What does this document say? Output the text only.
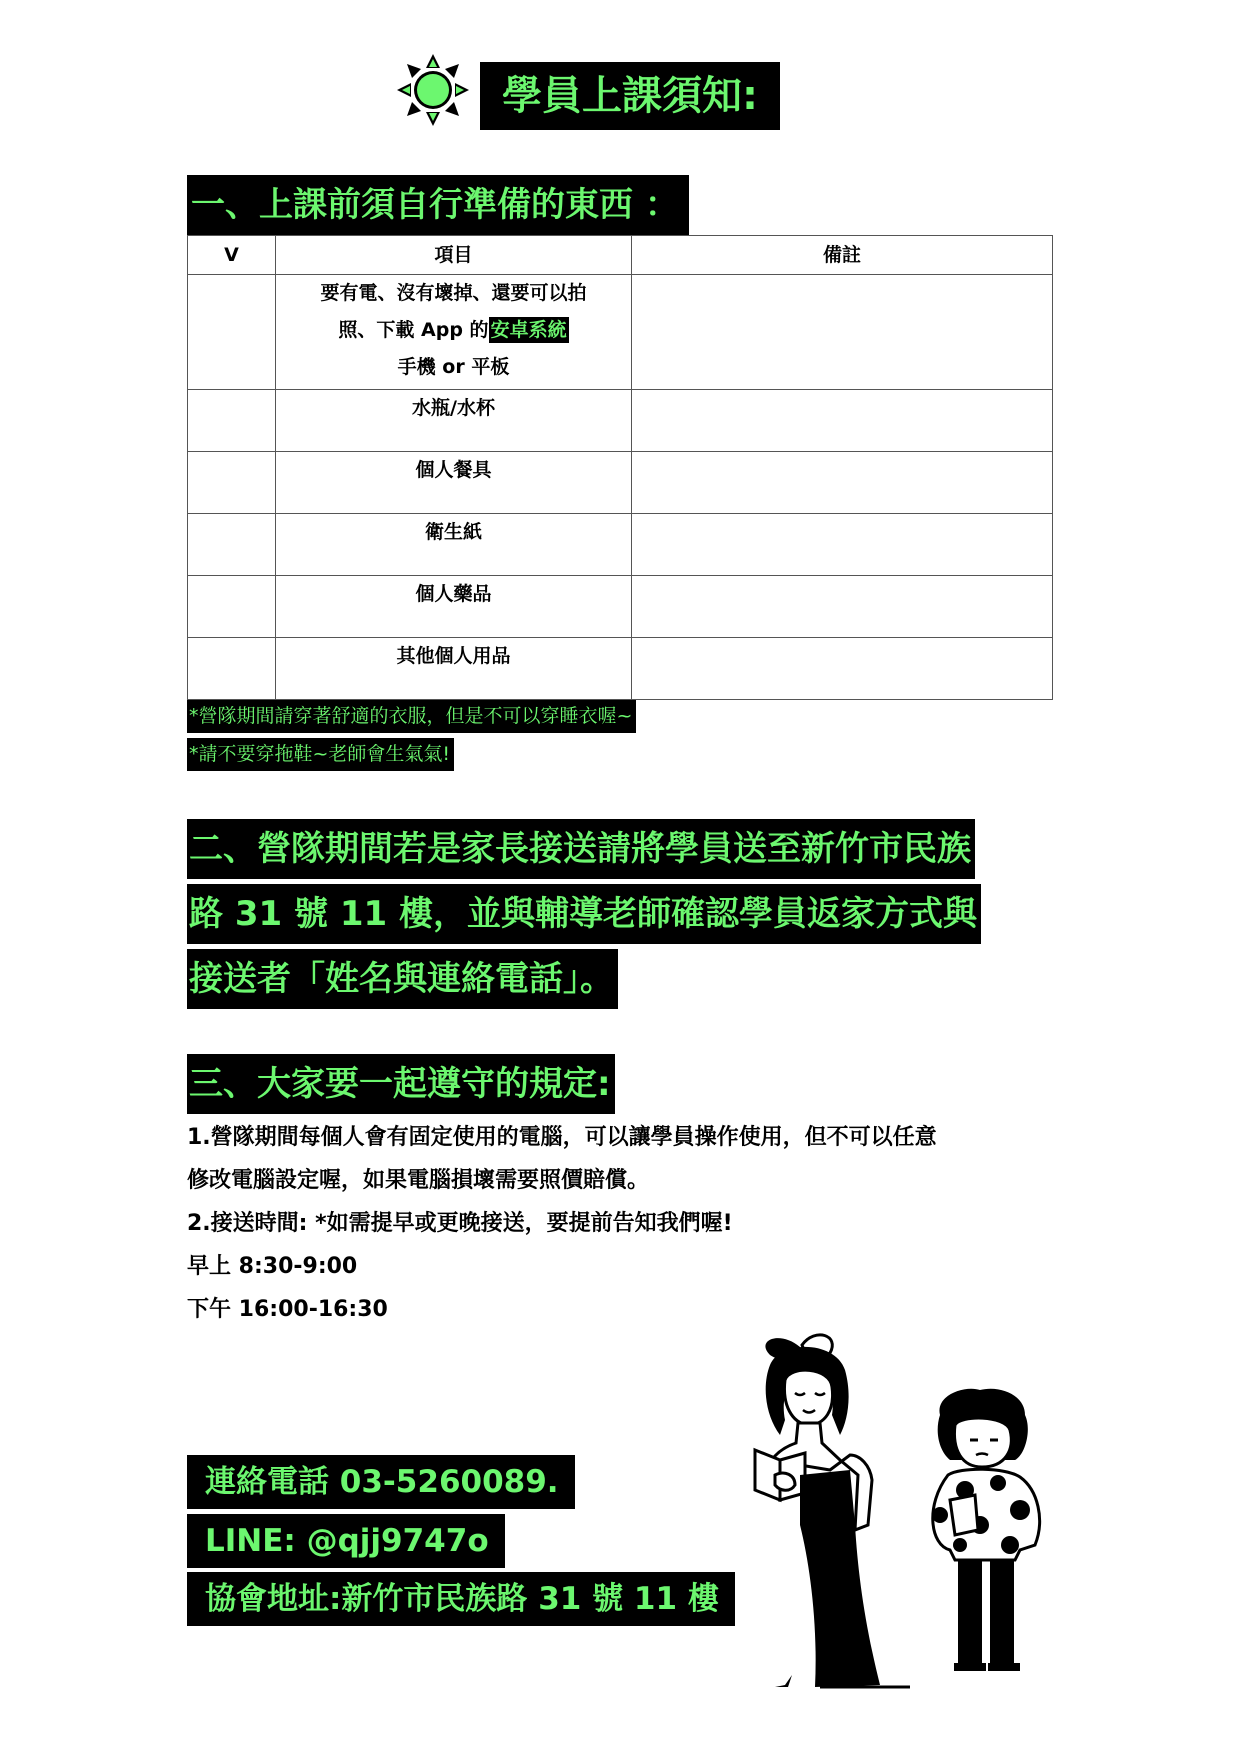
學員上課須知:
一、上課前須自行準備的東西 ：
V	項目	備註

	要有電、沒有壞掉、還要可以拍
照、下載 App 的 安卓系統
手機 or 平板	

	水瓶/水杯	
	個人餐具	
	衛生紙	
	個人藥品	
	其他個人用品	
*營隊期間請穿著舒適的衣服，但是不可以穿睡衣喔~
*請不要穿拖鞋~老師會生氣氣!
二、營隊期間若是家長接送請將學員送至新竹市民族
路 31 號 11 樓，並與輔導老師確認學員返家方式與
接送者「姓名與連絡電話」。
三、大家要一起遵守的規定:
1.營隊期間每個人會有固定使用的電腦，可以讓學員操作使用，但不可以任意
修改電腦設定喔，如果電腦損壞需要照價賠償。
2.接送時間: *如需提早或更晚接送，要提前告知我們喔!
早上 8:30-9:00
下午 16:00-16:30
連絡電話 03-5260089.
LINE: @qjj9747o
協會地址:新竹市民族路 31 號 11 樓
